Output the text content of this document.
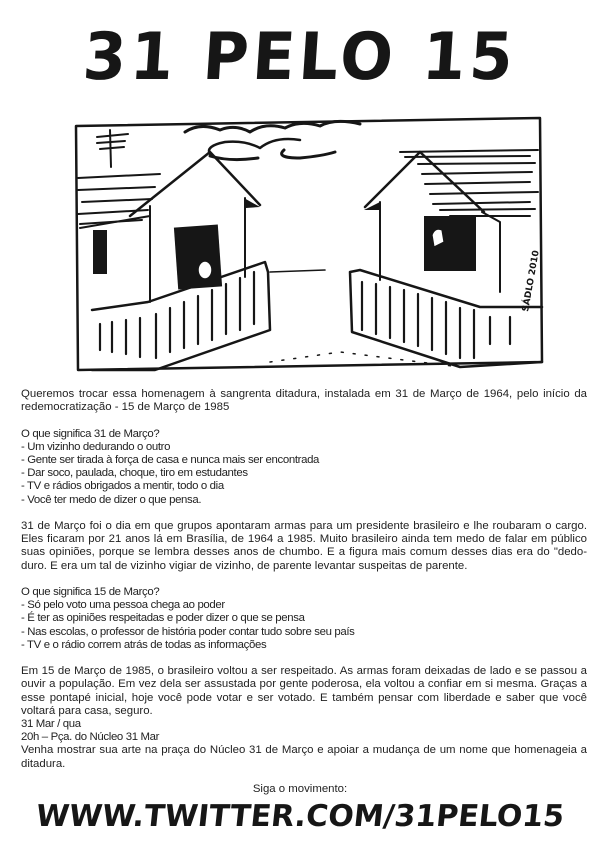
31 PELO 15
SÁDLO 2010

Queremos trocar essa homenagem à sangrenta ditadura, instalada em 31 de Março de 1964, pelo início da redemocratização - 15 de Março de 1985

O que significa 31 de Março?

- Um vizinho dedurando o outro

- Gente ser tirada à força de casa e nunca mais ser encontrada

- Dar soco, paulada, choque, tiro em estudantes

- TV e rádios obrigados a mentir, todo o dia

- Você ter medo de dizer o que pensa.

31 de Março foi o dia em que grupos apontaram armas para um presidente brasileiro e lhe roubaram o cargo. Eles ficaram por 21 anos lá em Brasília, de 1964 a 1985. Muito brasileiro ainda tem medo de falar em público suas opiniões, porque se lembra desses anos de chumbo. E a figura mais comum desses dias era do "dedo-duro. E era um tal de vizinho vigiar de vizinho, de parente levantar suspeitas de parente.

O que significa 15 de Março?

- Só pelo voto uma pessoa chega ao poder

- É ter as opiniões respeitadas e poder dizer o que se pensa

- Nas escolas, o professor de história poder contar tudo sobre seu país

- TV e o rádio correm atrás de todas as informações

Em 15 de Março de 1985, o brasileiro voltou a ser respeitado. As armas foram deixadas de lado e se passou a ouvir a população. Em vez dela ser assustada por gente poderosa, ela voltou a confiar em si mesma. Graças a esse pontapé inicial, hoje você pode votar e ser votado. E também pensar com liberdade e saber que você voltará para casa, seguro.

31 Mar / qua

20h – Pça. do Núcleo 31 Mar

Venha mostrar sua arte na praça do Núcleo 31 de Março e apoiar a mudança de um nome que homenageia a ditadura.

Siga o movimento:
WWW.TWITTER.COM/31PELO15
